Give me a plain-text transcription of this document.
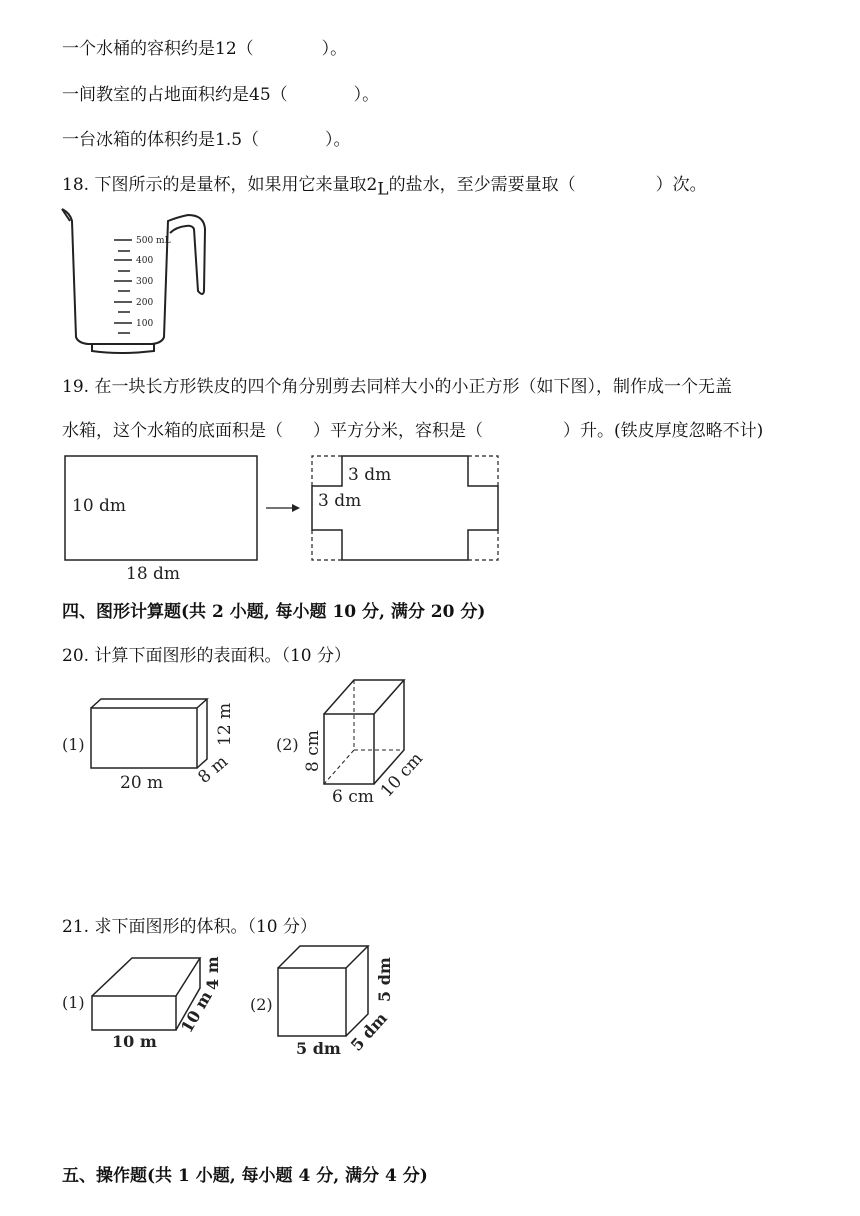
一个水桶的容积约是12（	）。
一间教室的占地面积约是45（	）。
一台冰箱的体积约是1.5（	）。
18. 下图所示的是量杯，如果用它来量取$2_L$的盐水，至少需要量取（	）次。
500 mL
400
300
200
100
19. 在一块长方形铁皮的四个角分别剪去同样大小的小正方形（如下图），制作成一个无盖
水箱，这个水箱的底面积是（ ）平方分米，容积是（	）升。(铁皮厚度忽略不计)
10 dm
18 dm
3 dm
3 dm
四、图形计算题(共 2 小题, 每小题 10 分, 满分 20 分)
20. 计算下面图形的表面积。（10 分）
(1)
20 m 8 m
12 m	(2)
6 cm 10 cm
8 cm
21. 求下面图形的体积。（10 分）
(1)
10 m
10 m
4 m
(2)
5 dm 5 dm
5 dm
五、操作题(共 1 小题, 每小题 4 分, 满分 4 分)
